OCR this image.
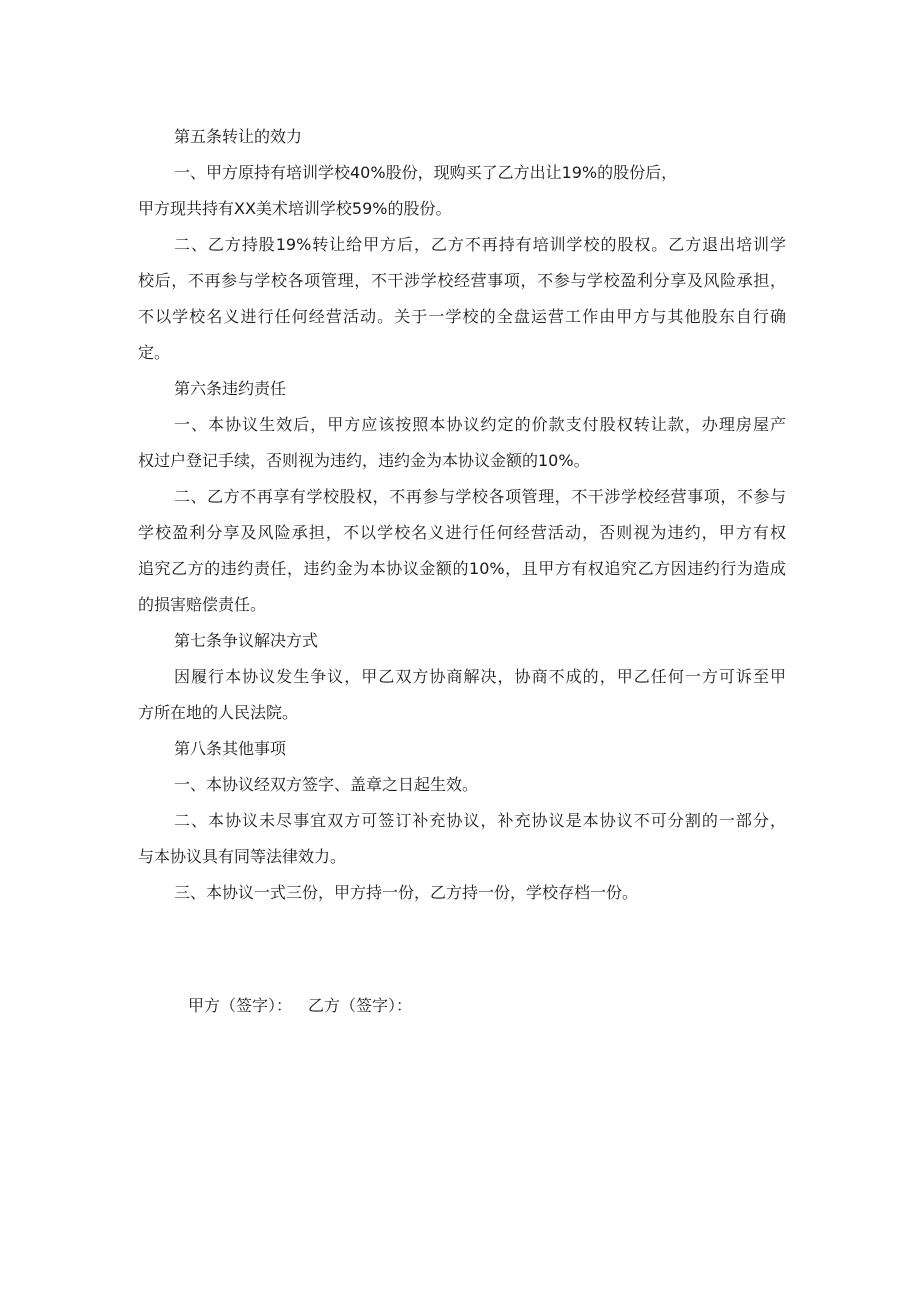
第五条转让的效力
一、甲方原持有培训学校40%股份，现购买了乙方出让19%的股份后，
甲方现共持有XX美术培训学校59%的股份。
二、乙方持股19%转让给甲方后，乙方不再持有培训学校的股权。乙方退出培训学
校后，不再参与学校各项管理，不干涉学校经营事项，不参与学校盈利分享及风险承担，
不以学校名义进行任何经营活动。关于一学校的全盘运营工作由甲方与其他股东自行确
定。
第六条违约责任
一、本协议生效后，甲方应该按照本协议约定的价款支付股权转让款，办理房屋产
权过户登记手续，否则视为违约，违约金为本协议金额的10%。
二、乙方不再享有学校股权，不再参与学校各项管理，不干涉学校经营事项，不参与
学校盈利分享及风险承担，不以学校名义进行任何经营活动，否则视为违约，甲方有权
追究乙方的违约责任，违约金为本协议金额的10%，且甲方有权追究乙方因违约行为造成
的损害赔偿责任。
第七条争议解决方式
因履行本协议发生争议，甲乙双方协商解决，协商不成的，甲乙任何一方可诉至甲
方所在地的人民法院。
第八条其他事项
一、本协议经双方签字、盖章之日起生效。
二、本协议未尽事宜双方可签订补充协议，补充协议是本协议不可分割的一部分，
与本协议具有同等法律效力。
三、本协议一式三份，甲方持一份，乙方持一份，学校存档一份。
甲方（签字）： 乙方（签字）：
